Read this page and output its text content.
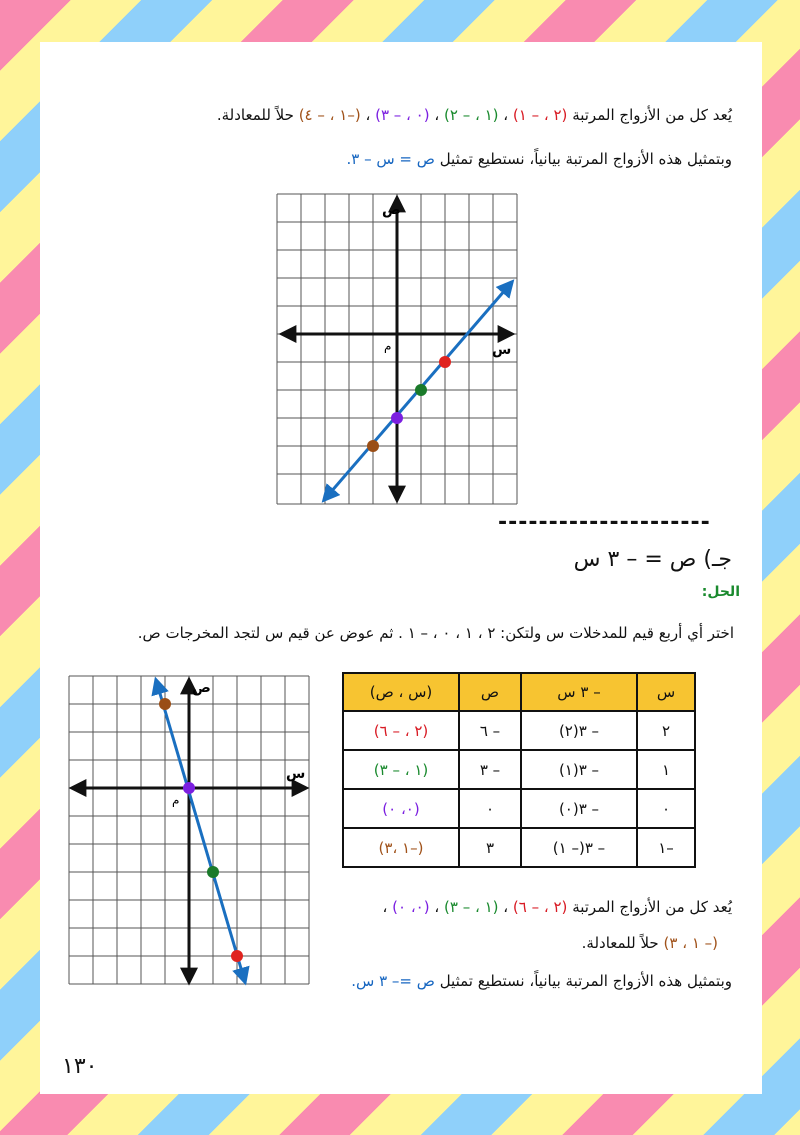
يُعد كل من الأزواج المرتبة (٢ ، – ١) ، (١ ، – ٢) ، (٠ ، – ٣) ، (–١ ، – ٤) حلاً للمعادلة.
وبتمثيل هذه الأزواج المرتبة بيانياً، نستطيع تمثيل ص = س – ٣.
ص
س
م
---------------------
جـ) ص = – ٣ س
الحل:
اختر أي أربع قيم للمدخلات س ولتكن: ٢ ، ١ ، ٠ ، – ١ . ثم عوض عن قيم س لتجد المخرجات ص.
ص
س
م
س	– ٣ س	ص	(س ، ص)
٢	– ٣(٢)	– ٦	(٢ ، – ٦)
١	– ٣(١)	– ٣	(١ ، – ٣)
٠	– ٣(٠)	٠	(٠، ٠)
–١	– ٣(– ١)	٣	(–١ ،٣)
يُعد كل من الأزواج المرتبة (٢ ، – ٦) ، (١ ، – ٣) ، (٠، ٠) ،
(– ١ ، ٣) حلاً للمعادلة.
وبتمثيل هذه الأزواج المرتبة بيانياً، نستطيع تمثيل ص =– ٣ س.
١٣٠
